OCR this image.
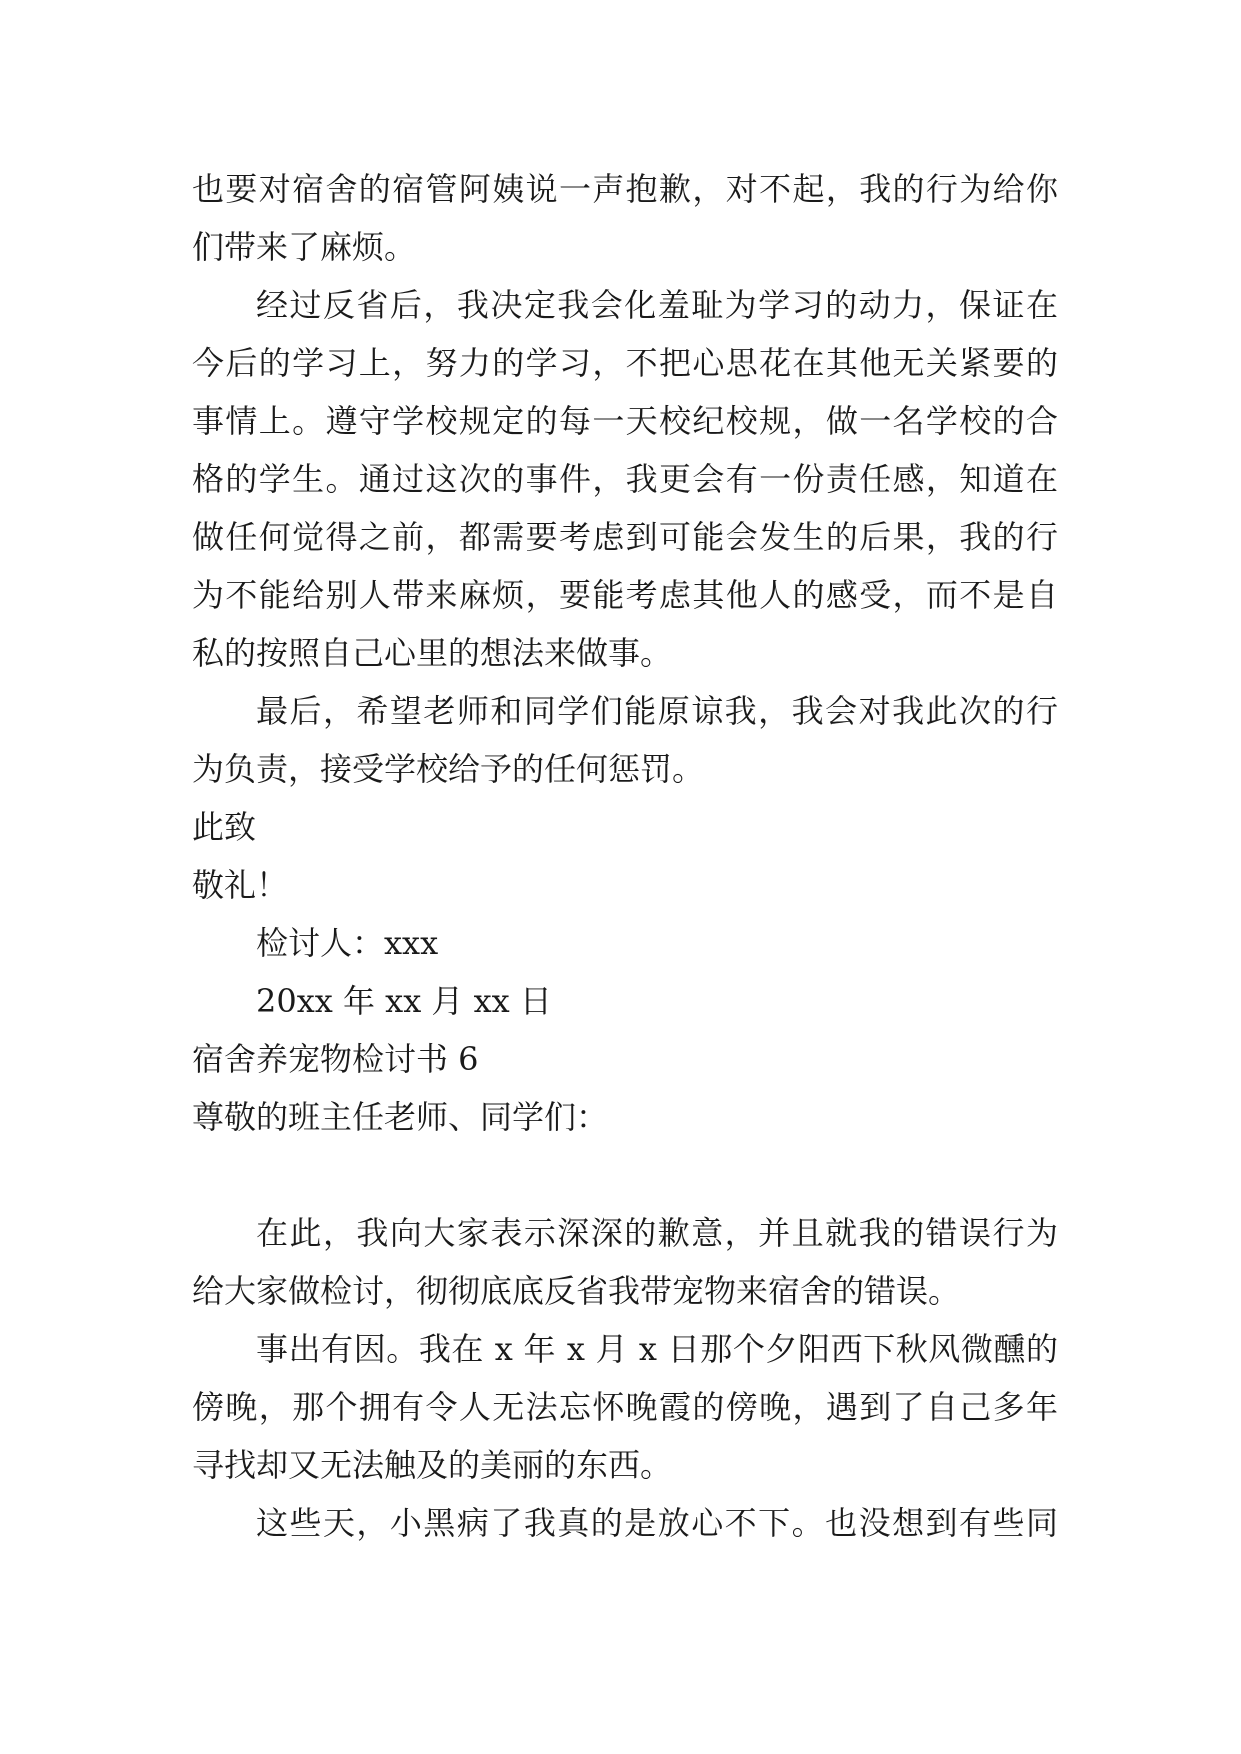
也要对宿舍的宿管阿姨说一声抱歉，对不起，我的行为给你
们带来了麻烦。
经过反省后，我决定我会化羞耻为学习的动力，保证在
今后的学习上，努力的学习，不把心思花在其他无关紧要的
事情上。遵守学校规定的每一天校纪校规，做一名学校的合
格的学生。通过这次的事件，我更会有一份责任感，知道在
做任何觉得之前，都需要考虑到可能会发生的后果，我的行
为不能给别人带来麻烦，要能考虑其他人的感受，而不是自
私的按照自己心里的想法来做事。
最后，希望老师和同学们能原谅我，我会对我此次的行
为负责，接受学校给予的任何惩罚。
此致
敬礼！
检讨人：xxx
20xx 年 xx 月 xx 日
宿舍养宠物检讨书 6
尊敬的班主任老师、同学们：
在此，我向大家表示深深的歉意，并且就我的错误行为
给大家做检讨，彻彻底底反省我带宠物来宿舍的错误。
事出有因。我在 x 年 x 月 x 日那个夕阳西下秋风微醺的
傍晚，那个拥有令人无法忘怀晚霞的傍晚，遇到了自己多年
寻找却又无法触及的美丽的东西。
这些天，小黑病了我真的是放心不下。也没想到有些同
